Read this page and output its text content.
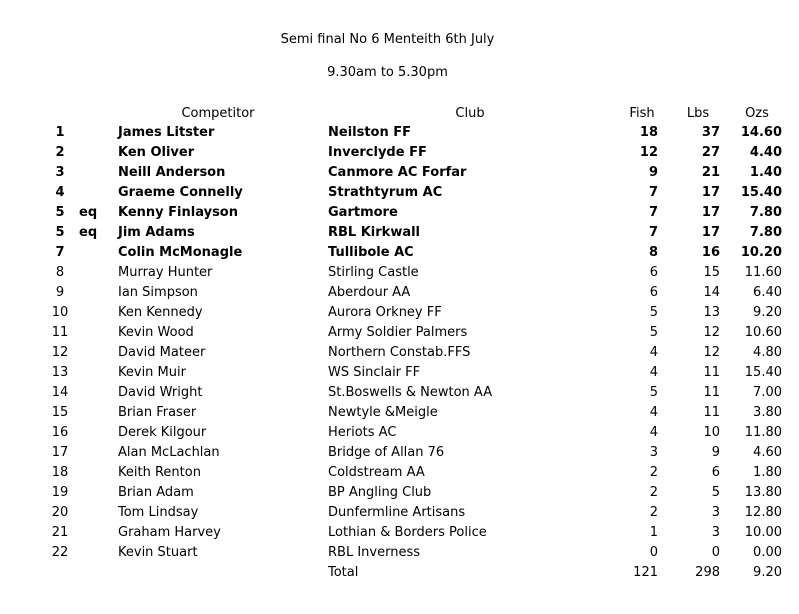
Semi final No 6 Menteith 6th July
9.30am to 5.30pm
Competitor	Club	Fish	Lbs	Ozs
1	James Litster	Neilston FF	18	37	14.60
2	Ken Oliver	Inverclyde FF	12	27	4.40
3	Neill Anderson	Canmore AC Forfar	9	21	1.40
4	Graeme Connelly	Strathtyrum AC	7	17	15.40
5	eq	Kenny Finlayson	Gartmore	7	17	7.80
5	eq	Jim Adams	RBL Kirkwall	7	17	7.80
7	Colin McMonagle	Tullibole AC	8	16	10.20
8	Murray Hunter	Stirling Castle	6	15	11.60
9	Ian Simpson	Aberdour AA	6	14	6.40
10	Ken Kennedy	Aurora Orkney FF	5	13	9.20
11	Kevin Wood	Army Soldier Palmers	5	12	10.60
12	David Mateer	Northern Constab.FFS	4	12	4.80
13	Kevin Muir	WS Sinclair FF	4	11	15.40
14	David Wright	St.Boswells & Newton AA	5	11	7.00
15	Brian Fraser	Newtyle &Meigle	4	11	3.80
16	Derek Kilgour	Heriots AC	4	10	11.80
17	Alan McLachlan	Bridge of Allan 76	3	9	4.60
18	Keith Renton	Coldstream AA	2	6	1.80
19	Brian Adam	BP Angling Club	2	5	13.80
20	Tom Lindsay	Dunfermline Artisans	2	3	12.80
21	Graham Harvey	Lothian & Borders Police	1	3	10.00
22	Kevin Stuart	RBL Inverness	0	0	0.00
Total	121	298	9.20
